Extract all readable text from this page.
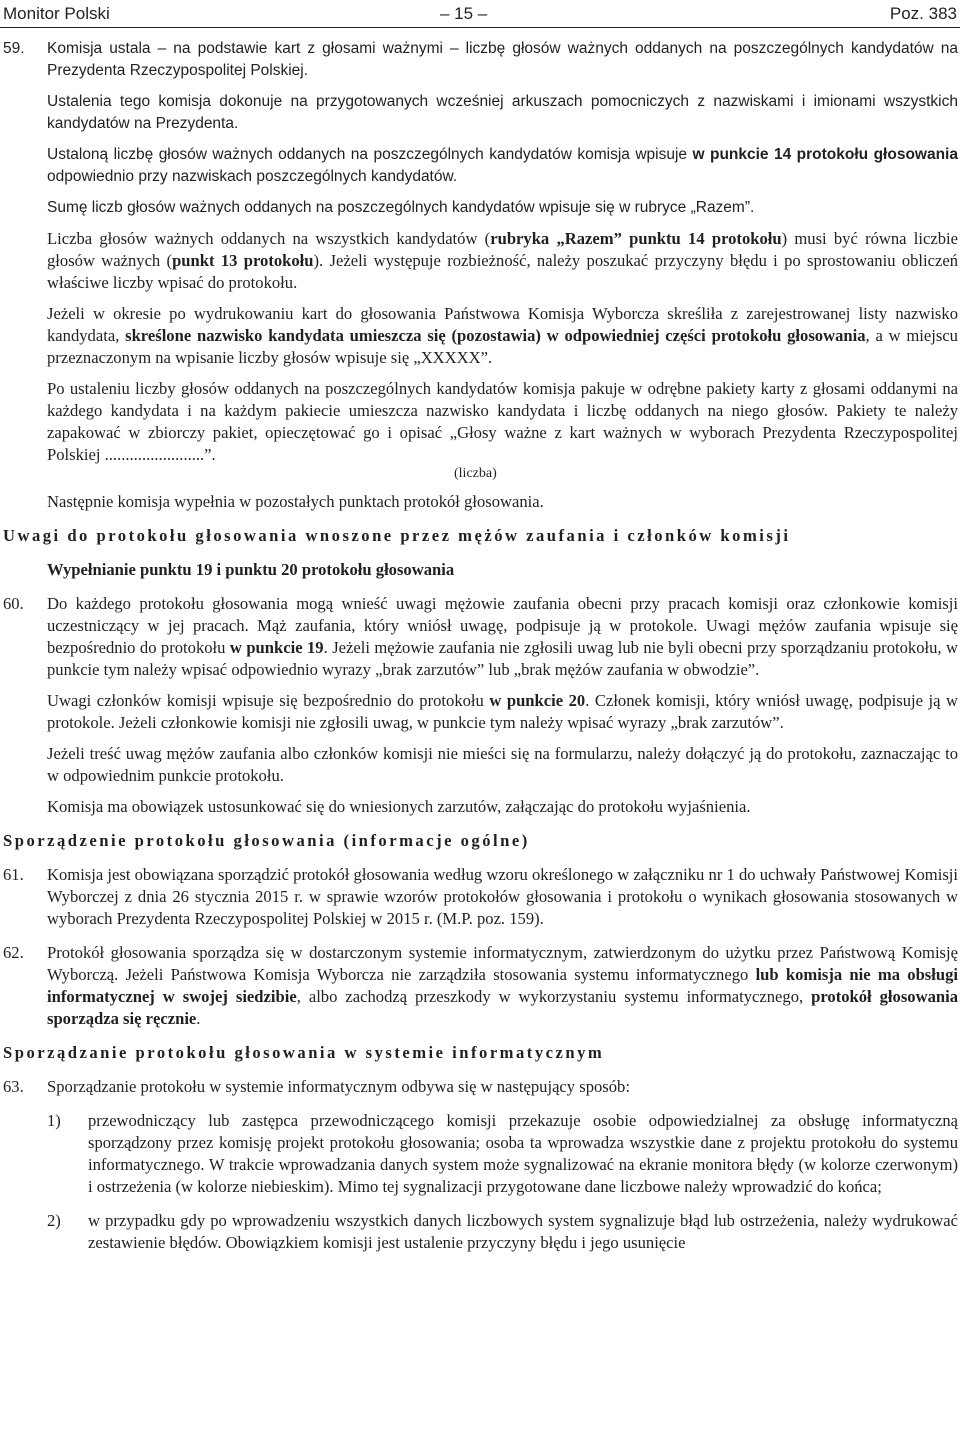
Monitor Polski	– 15 –	Poz. 383
59. Komisja ustala – na podstawie kart z głosami ważnymi – liczbę głosów ważnych oddanych na poszczególnych kandydatów na Prezydenta Rzeczypospolitej Polskiej.

Ustalenia tego komisja dokonuje na przygotowanych wcześniej arkuszach pomocniczych z nazwiskami i imionami wszystkich kandydatów na Prezydenta.

Ustaloną liczbę głosów ważnych oddanych na poszczególnych kandydatów komisja wpisuje w punkcie 14 protokołu głosowania odpowiednio przy nazwiskach poszczególnych kandydatów.

Sumę liczb głosów ważnych oddanych na poszczególnych kandydatów wpisuje się w rubryce „Razem”.

Liczba głosów ważnych oddanych na wszystkich kandydatów (rubryka „Razem” punktu 14 protokołu) musi być równa liczbie głosów ważnych (punkt 13 protokołu). Jeżeli występuje rozbieżność, należy poszukać przyczyny błędu i po sprostowaniu obliczeń właściwe liczby wpisać do protokołu.

Jeżeli w okresie po wydrukowaniu kart do głosowania Państwowa Komisja Wyborcza skreśliła z zarejestrowanej listy nazwisko kandydata, skreślone nazwisko kandydata umieszcza się (pozostawia) w odpowiedniej części protokołu głosowania, a w miejscu przeznaczonym na wpisanie liczby głosów wpisuje się „XXXXX”.

Po ustaleniu liczby głosów oddanych na poszczególnych kandydatów komisja pakuje w odrębne pakiety karty z głosami oddanymi na każdego kandydata i na każdym pakiecie umieszcza nazwisko kandydata i liczbę oddanych na niego głosów. Pakiety te należy zapakować w zbiorczy pakiet, opieczętować go i opisać „Głosy ważne z kart ważnych w wyborach Prezydenta Rzeczypospolitej Polskiej ........................”.

(liczba)

Następnie komisja wypełnia w pozostałych punktach protokół głosowania.

Uwagi do protokołu głosowania wnoszone przez mężów zaufania i członków komisji

Wypełnianie punktu 19 i punktu 20 protokołu głosowania

60. Do każdego protokołu głosowania mogą wnieść uwagi mężowie zaufania obecni przy pracach komisji oraz członkowie komisji uczestniczący w jej pracach. Mąż zaufania, który wniósł uwagę, podpisuje ją w protokole. Uwagi mężów zaufania wpisuje się bezpośrednio do protokołu w punkcie 19. Jeżeli mężowie zaufania nie zgłosili uwag lub nie byli obecni przy sporządzaniu protokołu, w punkcie tym należy wpisać odpowiednio wyrazy „brak zarzutów” lub „brak mężów zaufania w obwodzie”.

Uwagi członków komisji wpisuje się bezpośrednio do protokołu w punkcie 20. Członek komisji, który wniósł uwagę, podpisuje ją w protokole. Jeżeli członkowie komisji nie zgłosili uwag, w punkcie tym należy wpisać wyrazy „brak zarzutów”.

Jeżeli treść uwag mężów zaufania albo członków komisji nie mieści się na formularzu, należy dołączyć ją do protokołu, zaznaczając to w odpowiednim punkcie protokołu.

Komisja ma obowiązek ustosunkować się do wniesionych zarzutów, załączając do protokołu wyjaśnienia.

Sporządzenie protokołu głosowania (informacje ogólne)
61. Komisja jest obowiązana sporządzić protokół głosowania według wzoru określonego w załączniku nr 1 do uchwały Państwowej Komisji Wyborczej z dnia 26 stycznia 2015 r. w sprawie wzorów protokołów głosowania i protokołu o wynikach głosowania stosowanych w wyborach Prezydenta Rzeczypospolitej Polskiej w 2015 r. (M.P. poz. 159).

62. Protokół głosowania sporządza się w dostarczonym systemie informatycznym, zatwierdzonym do użytku przez Państwową Komisję Wyborczą. Jeżeli Państwowa Komisja Wyborcza nie zarządziła stosowania systemu informatycznego lub komisja nie ma obsługi informatycznej w swojej siedzibie, albo zachodzą przeszkody w wykorzystaniu systemu informatycznego, protokół głosowania sporządza się ręcznie.

Sporządzanie protokołu głosowania w systemie informatycznym
63. Sporządzanie protokołu w systemie informatycznym odbywa się w następujący sposób:

1) przewodniczący lub zastępca przewodniczącego komisji przekazuje osobie odpowiedzialnej za obsługę informatyczną sporządzony przez komisję projekt protokołu głosowania; osoba ta wprowadza wszystkie dane z projektu protokołu do systemu informatycznego. W trakcie wprowadzania danych system może sygnalizować na ekranie monitora błędy (w kolorze czerwonym) i ostrzeżenia (w kolorze niebieskim). Mimo tej sygnalizacji przygotowane dane liczbowe należy wprowadzić do końca;

2) w przypadku gdy po wprowadzeniu wszystkich danych liczbowych system sygnalizuje błąd lub ostrzeżenia, należy wydrukować zestawienie błędów. Obowiązkiem komisji jest ustalenie przyczyny błędu i jego usunięcie
